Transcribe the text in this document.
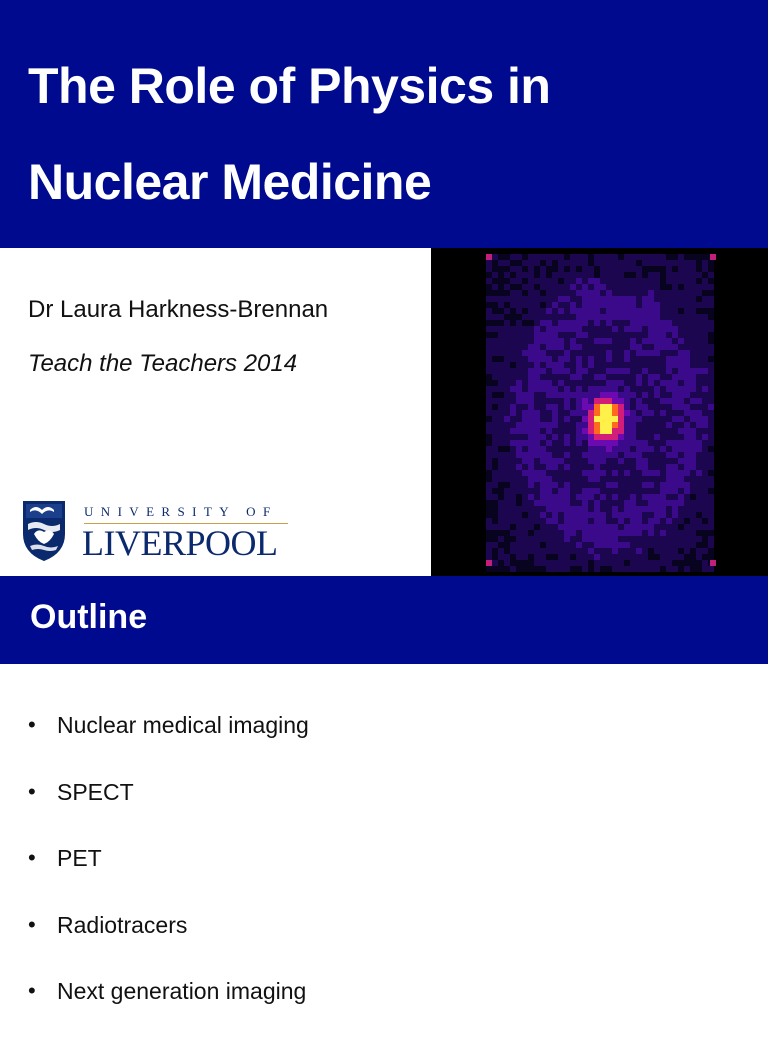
The Role of Physics in
Nuclear Medicine
Dr Laura Harkness-Brennan
Teach the Teachers 2014
UNIVERSITY OF
LIVERPOOL
Outline
• Nuclear medical imaging
• SPECT
• PET
• Radiotracers
• Next generation imaging
